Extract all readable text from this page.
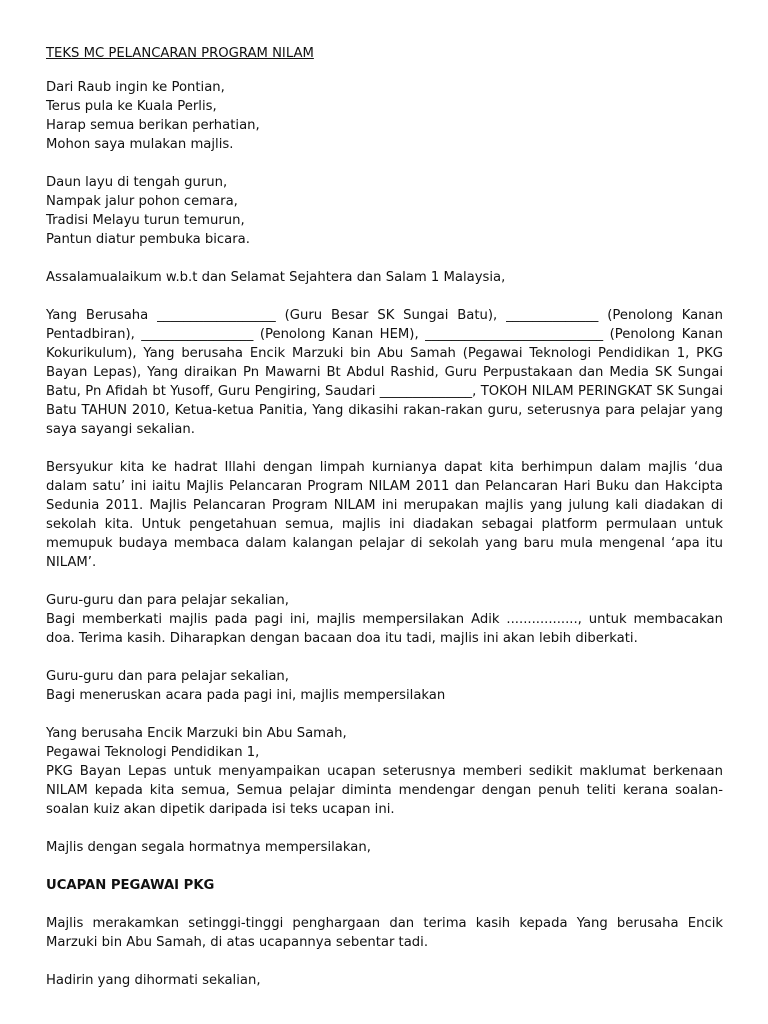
TEKS MC PELANCARAN PROGRAM NILAM
Dari Raub ingin ke Pontian,
Terus pula ke Kuala Perlis,
Harap semua berikan perhatian,
Mohon saya mulakan majlis.
Daun layu di tengah gurun,
Nampak jalur pohon cemara,
Tradisi Melayu turun temurun,
Pantun diatur pembuka bicara.

Assalamualaikum w.b.t dan Selamat Sejahtera dan Salam 1 Malaysia,

Yang Berusaha __________________ (Guru Besar SK Sungai Batu), ______________ (Penolong Kanan Pentadbiran), _________________ (Penolong Kanan HEM), ___________________________ (Penolong Kanan Kokurikulum), Yang berusaha Encik Marzuki bin Abu Samah (Pegawai Teknologi Pendidikan 1, PKG Bayan Lepas), Yang diraikan Pn Mawarni Bt Abdul Rashid, Guru Perpustakaan dan Media SK Sungai Batu, Pn Afidah bt Yusoff, Guru Pengiring, Saudari ______________, TOKOH NILAM PERINGKAT SK Sungai Batu TAHUN 2010, Ketua-ketua Panitia, Yang dikasihi rakan-rakan guru, seterusnya para pelajar yang saya sayangi sekalian.

Bersyukur kita ke hadrat Illahi dengan limpah kurnianya dapat kita berhimpun dalam majlis ‘dua dalam satu’ ini iaitu Majlis Pelancaran Program NILAM 2011 dan Pelancaran Hari Buku dan Hakcipta Sedunia 2011. Majlis Pelancaran Program NILAM ini merupakan majlis yang julung kali diadakan di sekolah kita. Untuk pengetahuan semua, majlis ini diadakan sebagai platform permulaan untuk memupuk budaya membaca dalam kalangan pelajar di sekolah yang baru mula mengenal ‘apa itu NILAM’.

Guru-guru dan para pelajar sekalian,

Bagi memberkati majlis pada pagi ini, majlis mempersilakan Adik ................., untuk membacakan doa. Terima kasih. Diharapkan dengan bacaan doa itu tadi, majlis ini akan lebih diberkati.

Guru-guru dan para pelajar sekalian,

Bagi meneruskan acara pada pagi ini, majlis mempersilakan

Yang berusaha Encik Marzuki bin Abu Samah,

Pegawai Teknologi Pendidikan 1,

PKG Bayan Lepas untuk menyampaikan ucapan seterusnya memberi sedikit maklumat berkenaan NILAM kepada kita semua, Semua pelajar diminta mendengar dengan penuh teliti kerana soalan-soalan kuiz akan dipetik daripada isi teks ucapan ini.

Majlis dengan segala hormatnya mempersilakan,

UCAPAN PEGAWAI PKG

Majlis merakamkan setinggi-tinggi penghargaan dan terima kasih kepada Yang berusaha Encik Marzuki bin Abu Samah, di atas ucapannya sebentar tadi.

Hadirin yang dihormati sekalian,
